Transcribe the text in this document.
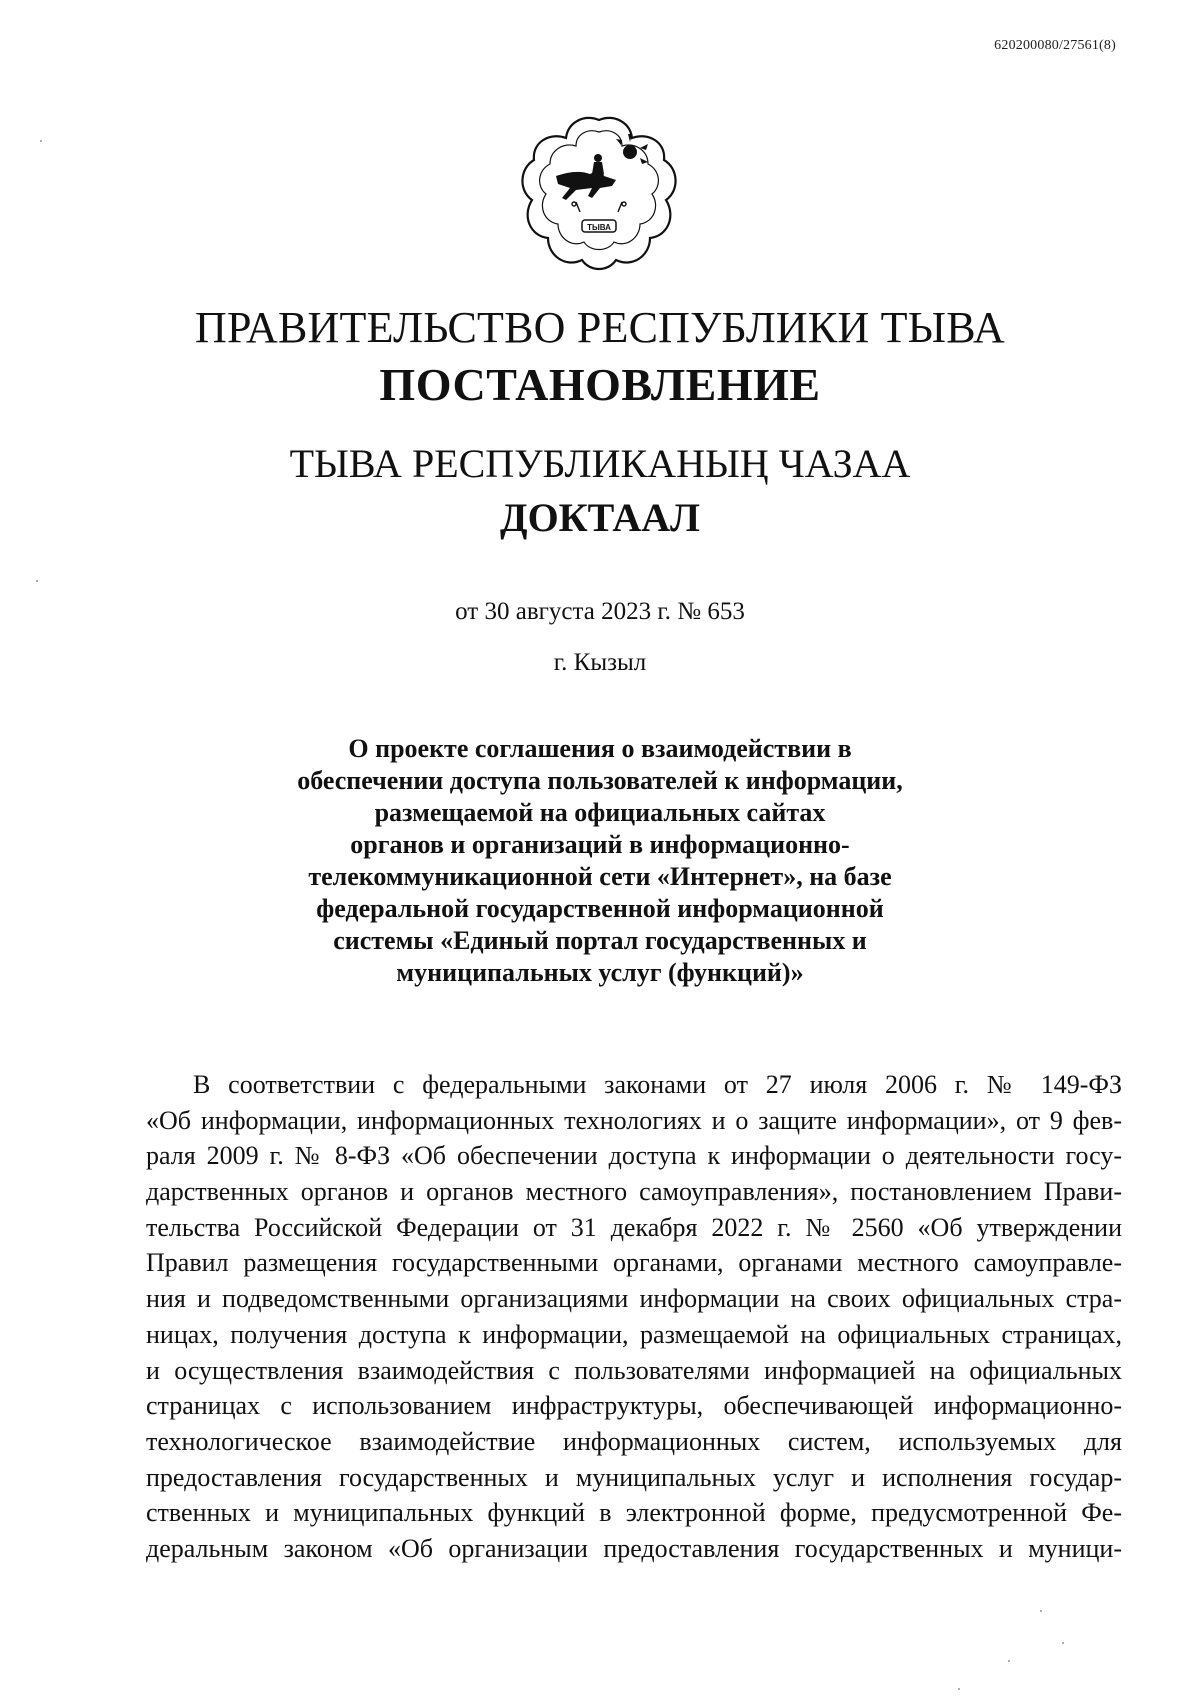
620200080/27561(8)
ТЫВА
ПРАВИТЕЛЬСТВО РЕСПУБЛИКИ ТЫВА
ПОСТАНОВЛЕНИЕ
ТЫВА РЕСПУБЛИКАНЫҢ ЧАЗАА
ДОКТААЛ
от 30 августа 2023 г. № 653
г. Кызыл
О проекте соглашения о взаимодействии в
обеспечении доступа пользователей к информации,
размещаемой на официальных сайтах
органов и организаций в информационно-
телекоммуникационной сети «Интернет», на базе
федеральной государственной информационной
системы «Единый портал государственных и
муниципальных услуг (функций)»
В соответствии с федеральными законами от 27 июля 2006 г. № 149-ФЗ
«Об информации, информационных технологиях и о защите информации», от 9 фев-
раля 2009 г. № 8-ФЗ «Об обеспечении доступа к информации о деятельности госу-
дарственных органов и органов местного самоуправления», постановлением Прави-
тельства Российской Федерации от 31 декабря 2022 г. № 2560 «Об утверждении
Правил размещения государственными органами, органами местного самоуправле-
ния и подведомственными организациями информации на своих официальных стра-
ницах, получения доступа к информации, размещаемой на официальных страницах,
и осуществления взаимодействия с пользователями информацией на официальных
страницах с использованием инфраструктуры, обеспечивающей информационно-
технологическое взаимодействие информационных систем, используемых для
предоставления государственных и муниципальных услуг и исполнения государ-
ственных и муниципальных функций в электронной форме, предусмотренной Фе-
деральным законом «Об организации предоставления государственных и муници-
